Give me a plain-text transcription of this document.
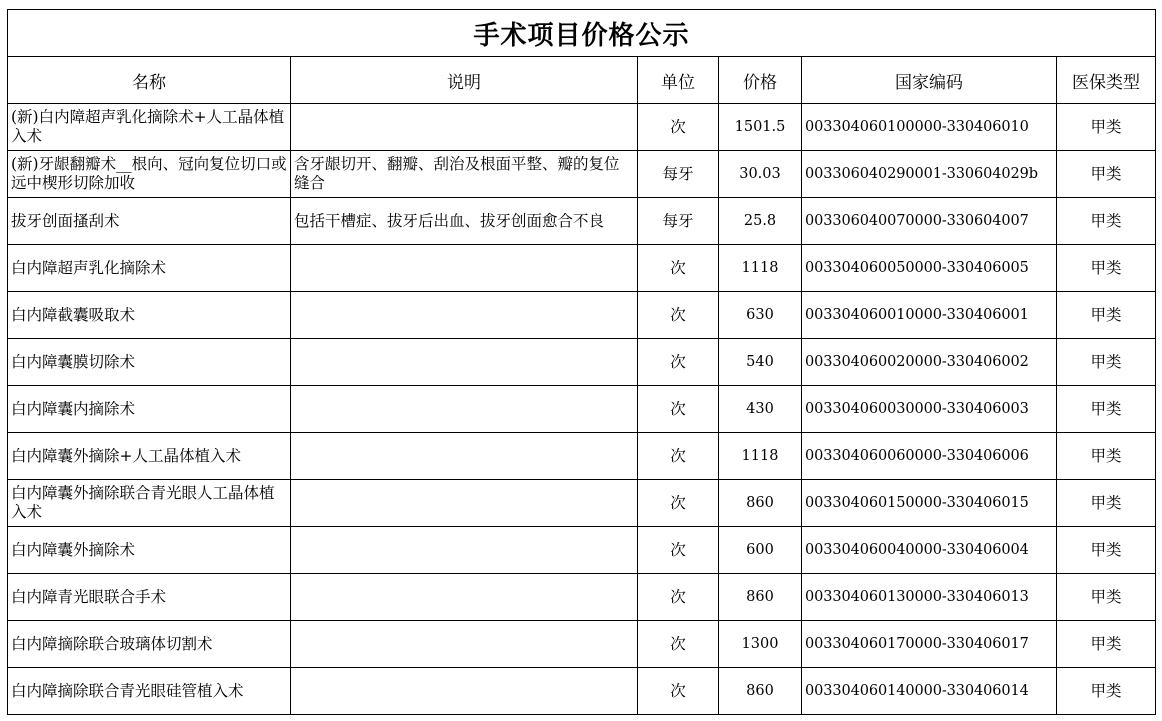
手术项目价格公示					
名称	说明	单位	价格	国家编码	医保类型
(新)白内障超声乳化摘除术+人工晶体植入术		次	1501.5	003304060100000-330406010	甲类
(新)牙龈翻瓣术__根向、冠向复位切口或远中楔形切除加收	含牙龈切开、翻瓣、刮治及根面平整、瓣的复位缝合	每牙	30.03	003306040290001-330604029b	甲类
拔牙创面搔刮术	包括干槽症、拔牙后出血、拔牙创面愈合不良	每牙	25.8	003306040070000-330604007	甲类
白内障超声乳化摘除术		次	1118	003304060050000-330406005	甲类
白内障截囊吸取术		次	630	003304060010000-330406001	甲类
白内障囊膜切除术		次	540	003304060020000-330406002	甲类
白内障囊内摘除术		次	430	003304060030000-330406003	甲类
白内障囊外摘除+人工晶体植入术		次	1118	003304060060000-330406006	甲类
白内障囊外摘除联合青光眼人工晶体植入术		次	860	003304060150000-330406015	甲类
白内障囊外摘除术		次	600	003304060040000-330406004	甲类
白内障青光眼联合手术		次	860	003304060130000-330406013	甲类
白内障摘除联合玻璃体切割术		次	1300	003304060170000-330406017	甲类
白内障摘除联合青光眼硅管植入术		次	860	003304060140000-330406014	甲类
